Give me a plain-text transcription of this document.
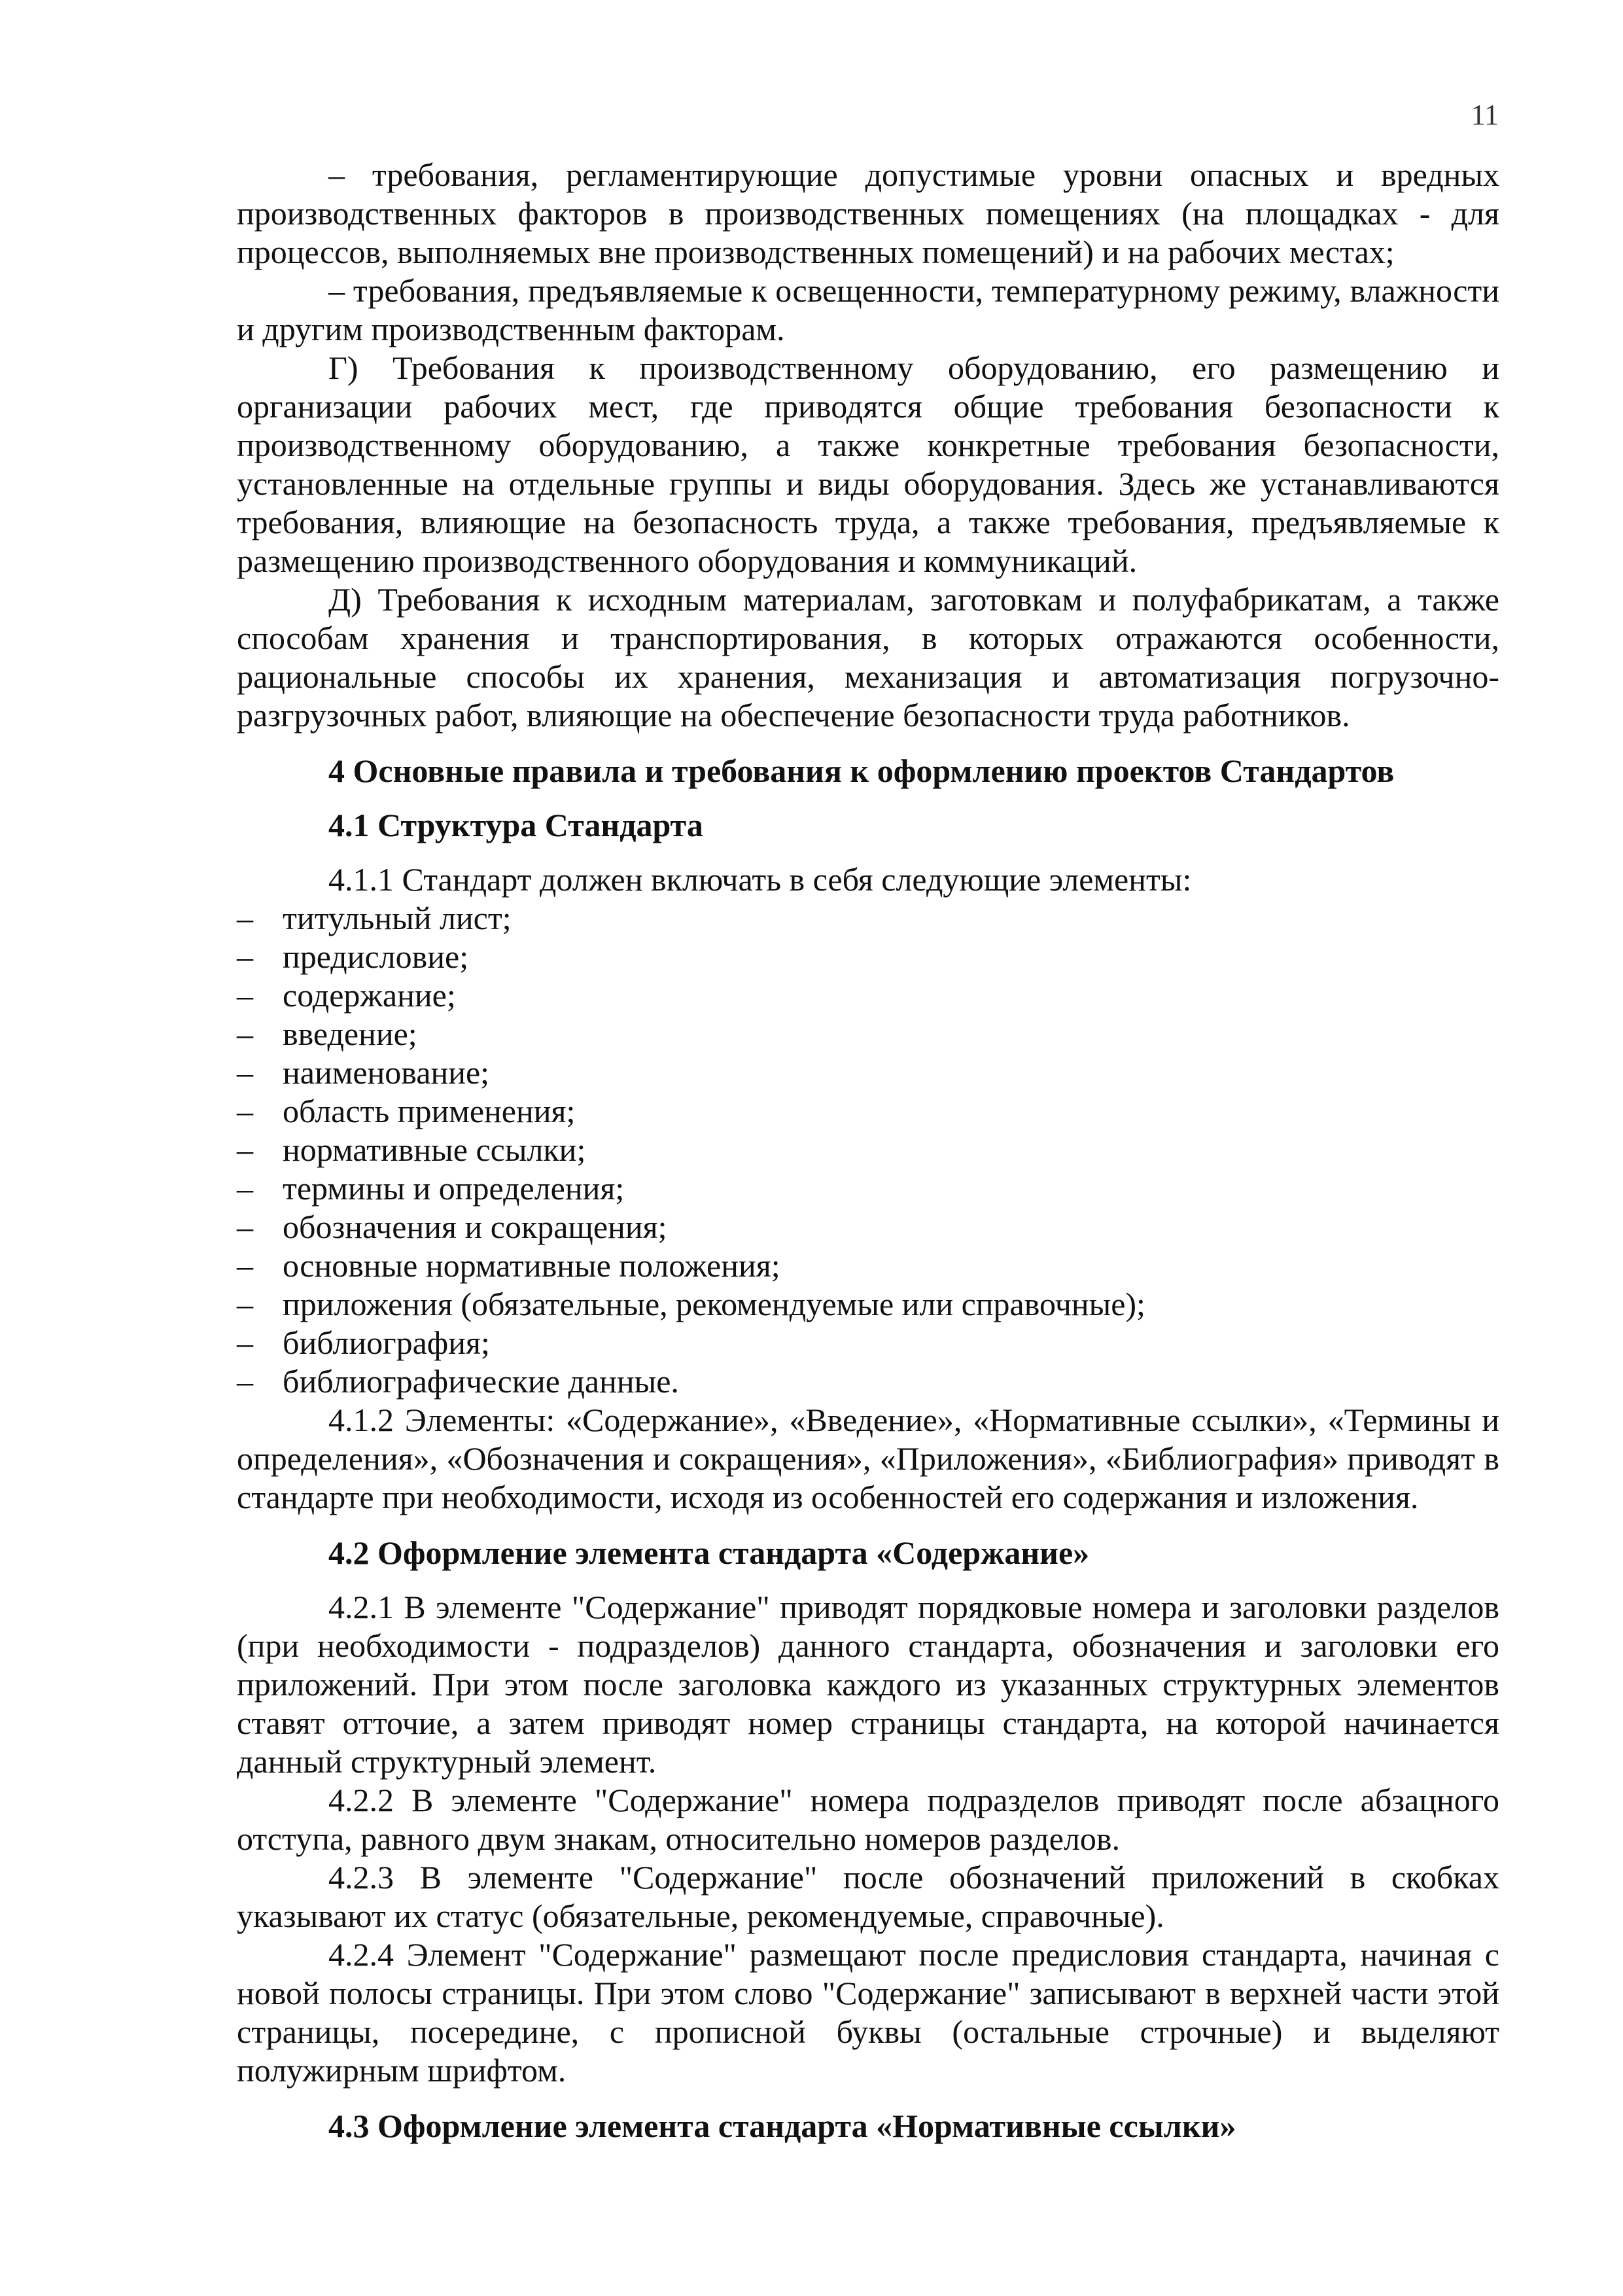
11

– требования, регламентирующие допустимые уровни опасных и вредных производственных факторов в производственных помещениях (на площадках - для процессов, выполняемых вне производственных помещений) и на рабочих местах;

– требования, предъявляемые к освещенности, температурному режиму, влажности и другим производственным факторам.

Г) Требования к производственному оборудованию, его размещению и организации рабочих мест, где приводятся общие требования безопасности к производственному оборудованию, а также конкретные требования безопасности, установленные на отдельные группы и виды оборудования. Здесь же устанавливаются требования, влияющие на безопасность труда, а также требования, предъявляемые к размещению производственного оборудования и коммуникаций.

Д) Требования к исходным материалам, заготовкам и полуфабрикатам, а также способам хранения и транспортирования, в которых отражаются особенности, рациональные способы их хранения, механизация и автоматизация погрузочно-разгрузочных работ, влияющие на обеспечение безопасности труда работников.

4 Основные правила и требования к оформлению проектов Стандартов

4.1 Структура Стандарта

4.1.1 Стандарт должен включать в себя следующие элементы:

– титульный лист;
– предисловие;
– содержание;
– введение;
– наименование;
– область применения;
– нормативные ссылки;
– термины и определения;
– обозначения и сокращения;
– основные нормативные положения;
– приложения (обязательные, рекомендуемые или справочные);
– библиография;
– библиографические данные.

4.1.2 Элементы: «Содержание», «Введение», «Нормативные ссылки», «Термины и определения», «Обозначения и сокращения», «Приложения», «Библиография» приводят в стандарте при необходимости, исходя из особенностей его содержания и изложения.

4.2 Оформление элемента стандарта «Содержание»

4.2.1 В элементе "Содержание" приводят порядковые номера и заголовки разделов (при необходимости - подразделов) данного стандарта, обозначения и заголовки его приложений. При этом после заголовка каждого из указанных структурных элементов ставят отточие, а затем приводят номер страницы стандарта, на которой начинается данный структурный элемент.

4.2.2 В элементе "Содержание" номера подразделов приводят после абзацного отступа, равного двум знакам, относительно номеров разделов.

4.2.3 В элементе "Содержание" после обозначений приложений в скобках указывают их статус (обязательные, рекомендуемые, справочные).

4.2.4 Элемент "Содержание" размещают после предисловия стандарта, начиная с новой полосы страницы. При этом слово "Содержание" записывают в верхней части этой страницы, посередине, с прописной буквы (остальные строчные) и выделяют полужирным шрифтом.

4.3 Оформление элемента стандарта «Нормативные ссылки»
